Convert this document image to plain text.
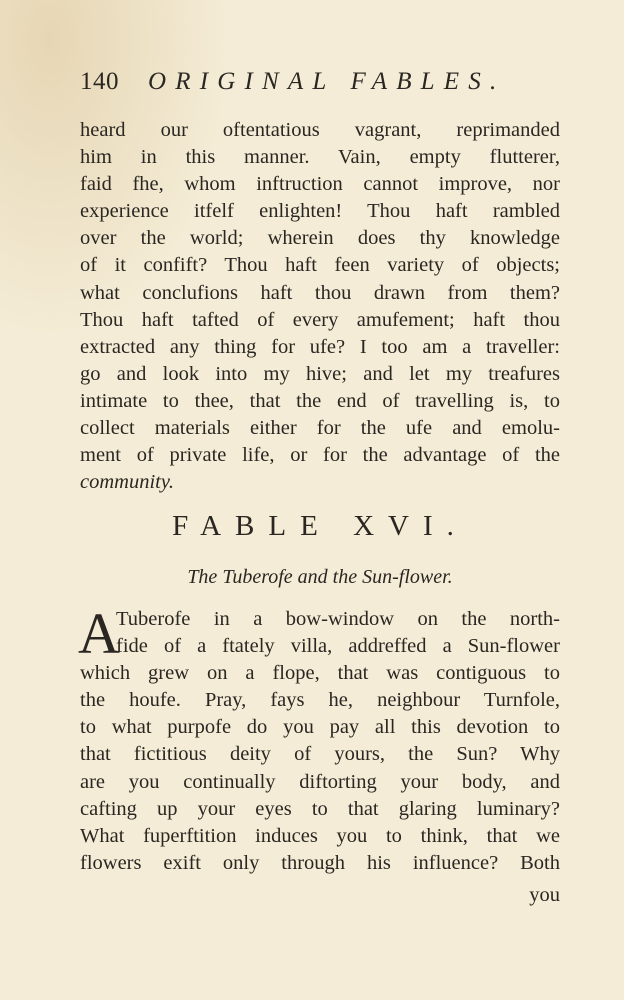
140 ORIGINAL FABLES.
heard our oftentatious vagrant, reprimanded
him in this manner. Vain, empty flutterer,
faid fhe, whom inftruction cannot improve, nor
experience itfelf enlighten! Thou haft rambled
over the world; wherein does thy knowledge
of it confift? Thou haft feen variety of objects;
what conclufions haft thou drawn from them?
Thou haft tafted of every amufement; haft thou
extracted any thing for ufe? I too am a traveller:
go and look into my hive; and let my treafures
intimate to thee, that the end of travelling is, to
collect materials either for the ufe and emolu-
ment of private life, or for the advantage of the
community.
FABLE XVI.
The Tuberofe and the Sun-flower.
A
Tuberofe in a bow-window on the north-
fide of a ftately villa, addreffed a Sun-flower
which grew on a flope, that was contiguous to
the houfe. Pray, fays he, neighbour Turnfole,
to what purpofe do you pay all this devotion to
that fictitious deity of yours, the Sun? Why
are you continually diftorting your body, and
cafting up your eyes to that glaring luminary?
What fuperftition induces you to think, that we
flowers exift only through his influence? Both
you
